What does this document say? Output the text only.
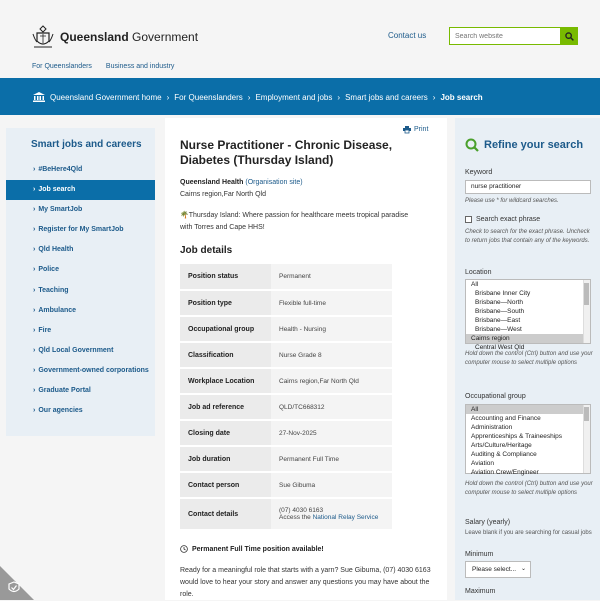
Queensland Government	Contact us
Search website
For Queenslanders Business and industry
Queensland Government home › For Queenslanders › Employment and jobs › Smart jobs and careers › Job search
Smart jobs and careers
› #BeHere4Qld
› Job search
› My SmartJob
› Register for My SmartJob
› Qld Health
› Police
› Teaching
› Ambulance
› Fire
› Qld Local Government
› Government-owned corporations
› Graduate Portal
› Our agencies
Print
Nurse Practitioner - Chronic Disease, Diabetes (Thursday Island)
Queensland Health (Organisation site)
Cairns region,Far North Qld
🌴Thursday Island: Where passion for healthcare meets tropical paradise with Torres and Cape HHS!
Job details
Position status	Permanent
Position type	Flexible full-time
Occupational group	Health - Nursing
Classification	Nurse Grade 8
Workplace Location	Cairns region,Far North Qld
Job ad reference	QLD/TC668312
Closing date	27-Nov-2025
Job duration	Permanent Full Time
Contact person	Sue Gibuma
Contact details	(07) 4030 6163
Access the National Relay Service
Permanent Full Time position available!
Ready for a meaningful role that starts with a yarn? Sue Gibuma, (07) 4030 6163 would love to hear your story and answer any questions you may have about the role.
Refine your search
Keyword
nurse practitioner
Please use * for wildcard searches.
Search exact phrase
Check to search for the exact phrase. Uncheck to return jobs that contain any of the keywords.
Location
All
Brisbane Inner City
Brisbane—North
Brisbane—South
Brisbane—East
Brisbane—West
Cairns region
Central West Qld
Hold down the control (Ctrl) button and use your computer mouse to select multiple options
Occupational group
All
Accounting and Finance
Administration
Apprenticeships & Traineeships
Arts/Culture/Heritage
Auditing & Compliance
Aviation
Aviation Crew/Engineer
Hold down the control (Ctrl) button and use your computer mouse to select multiple options
Salary (yearly)
Leave blank if you are searching for casual jobs
Minimum
Please select... ⌄
Maximum
